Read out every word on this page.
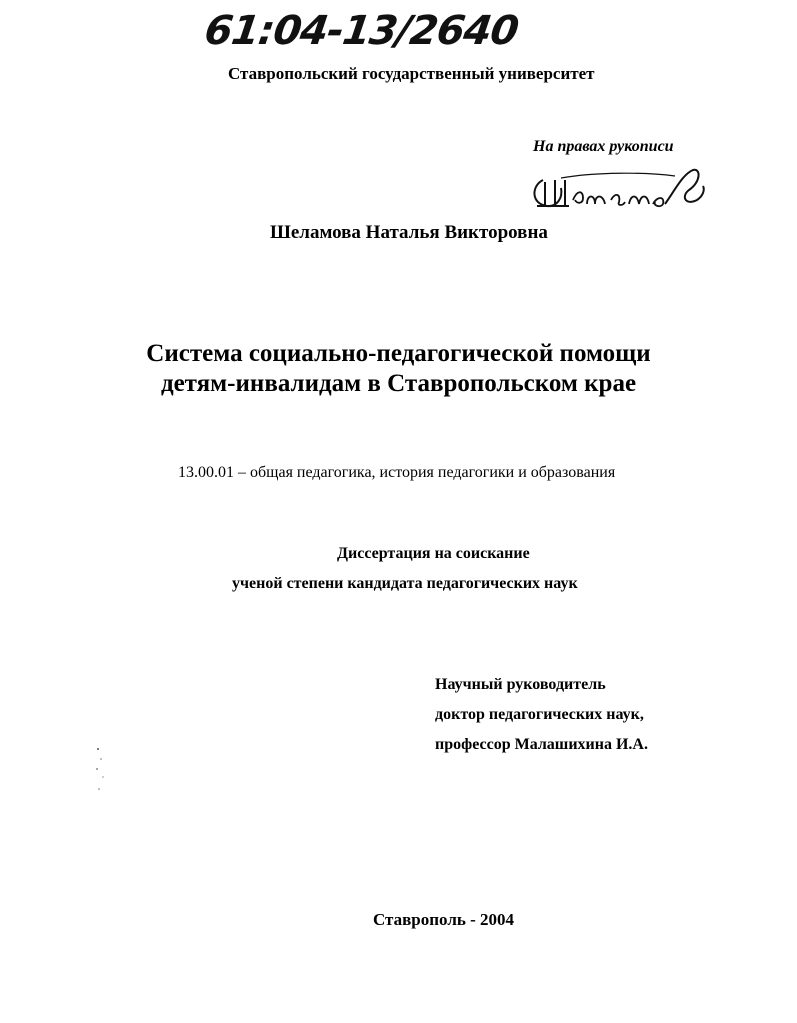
61:04-13/2640
Ставропольский государственный университет
На правах рукописи
Шеламова Наталья Викторовна
Система социально-педагогической помощи
детям-инвалидам в Ставропольском крае
13.00.01 – общая педагогика, история педагогики и образования
Диссертация на соискание
ученой степени кандидата педагогических наук
Научный руководитель
доктор педагогических наук,
профессор Малашихина И.А.
Ставрополь - 2004
